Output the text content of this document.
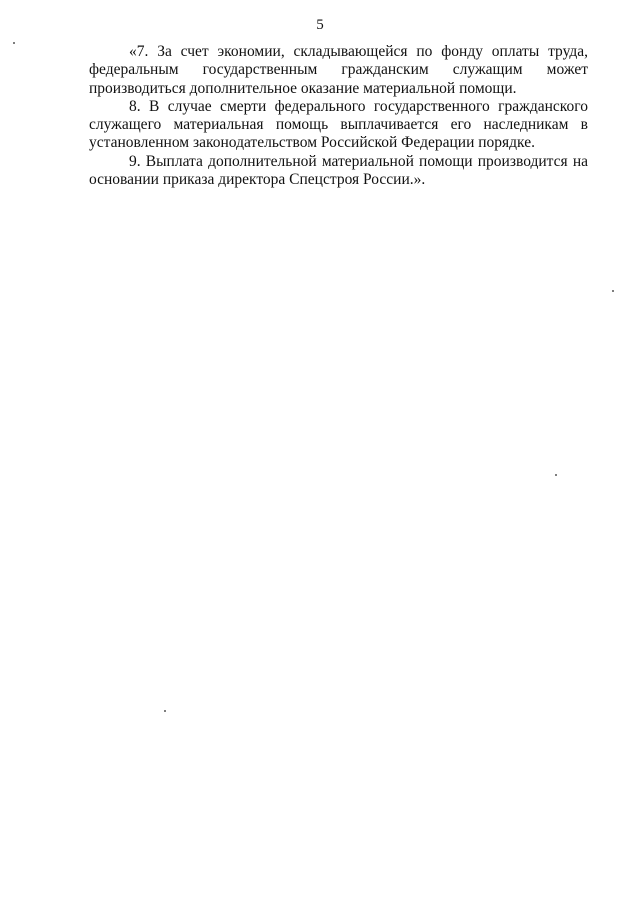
5

«7. За счет экономии, складывающейся по фонду оплаты труда, федеральным государственным гражданским служащим может производиться дополнительное оказание материальной помощи.

8. В случае смерти федерального государственного гражданского служащего материальная помощь выплачивается его наследникам в установленном законодательством Российской Федерации порядке.

9. Выплата дополнительной материальной помощи производится на основании приказа директора Спецстроя России.».
